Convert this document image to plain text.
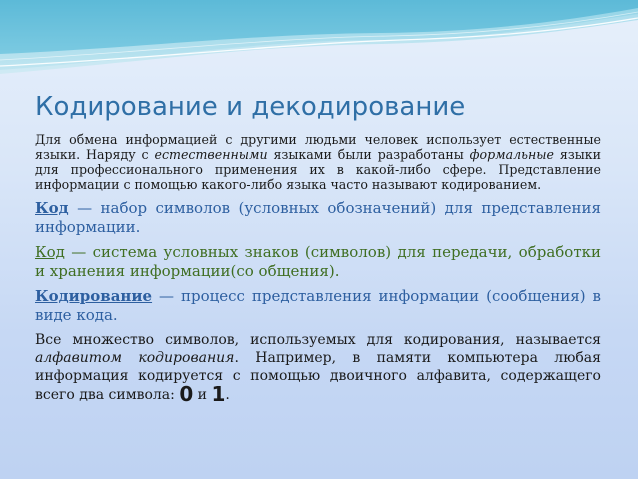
Кодирование и декодирование

Для обмена информацией с другими людьми человек использует естественные языки. Наряду с естественными языками были разработаны формальные языки для профессионального применения их в какой-либо сфере. Представление информации с помощью какого-либо языка часто называют кодированием.

Код — набор символов (условных обозначений) для представления информации.

Код — система условных знаков (символов) для передачи, обработки и хранения информации(со общения).

Кодирование — процесс представления информации (сообщения) в виде кода.

Все множество символов, используемых для кодирования, называется алфавитом кодирования. Например, в памяти компьютера любая информация кодируется с помощью двоичного алфавита, содержащего всего два символа: 0 и 1.
